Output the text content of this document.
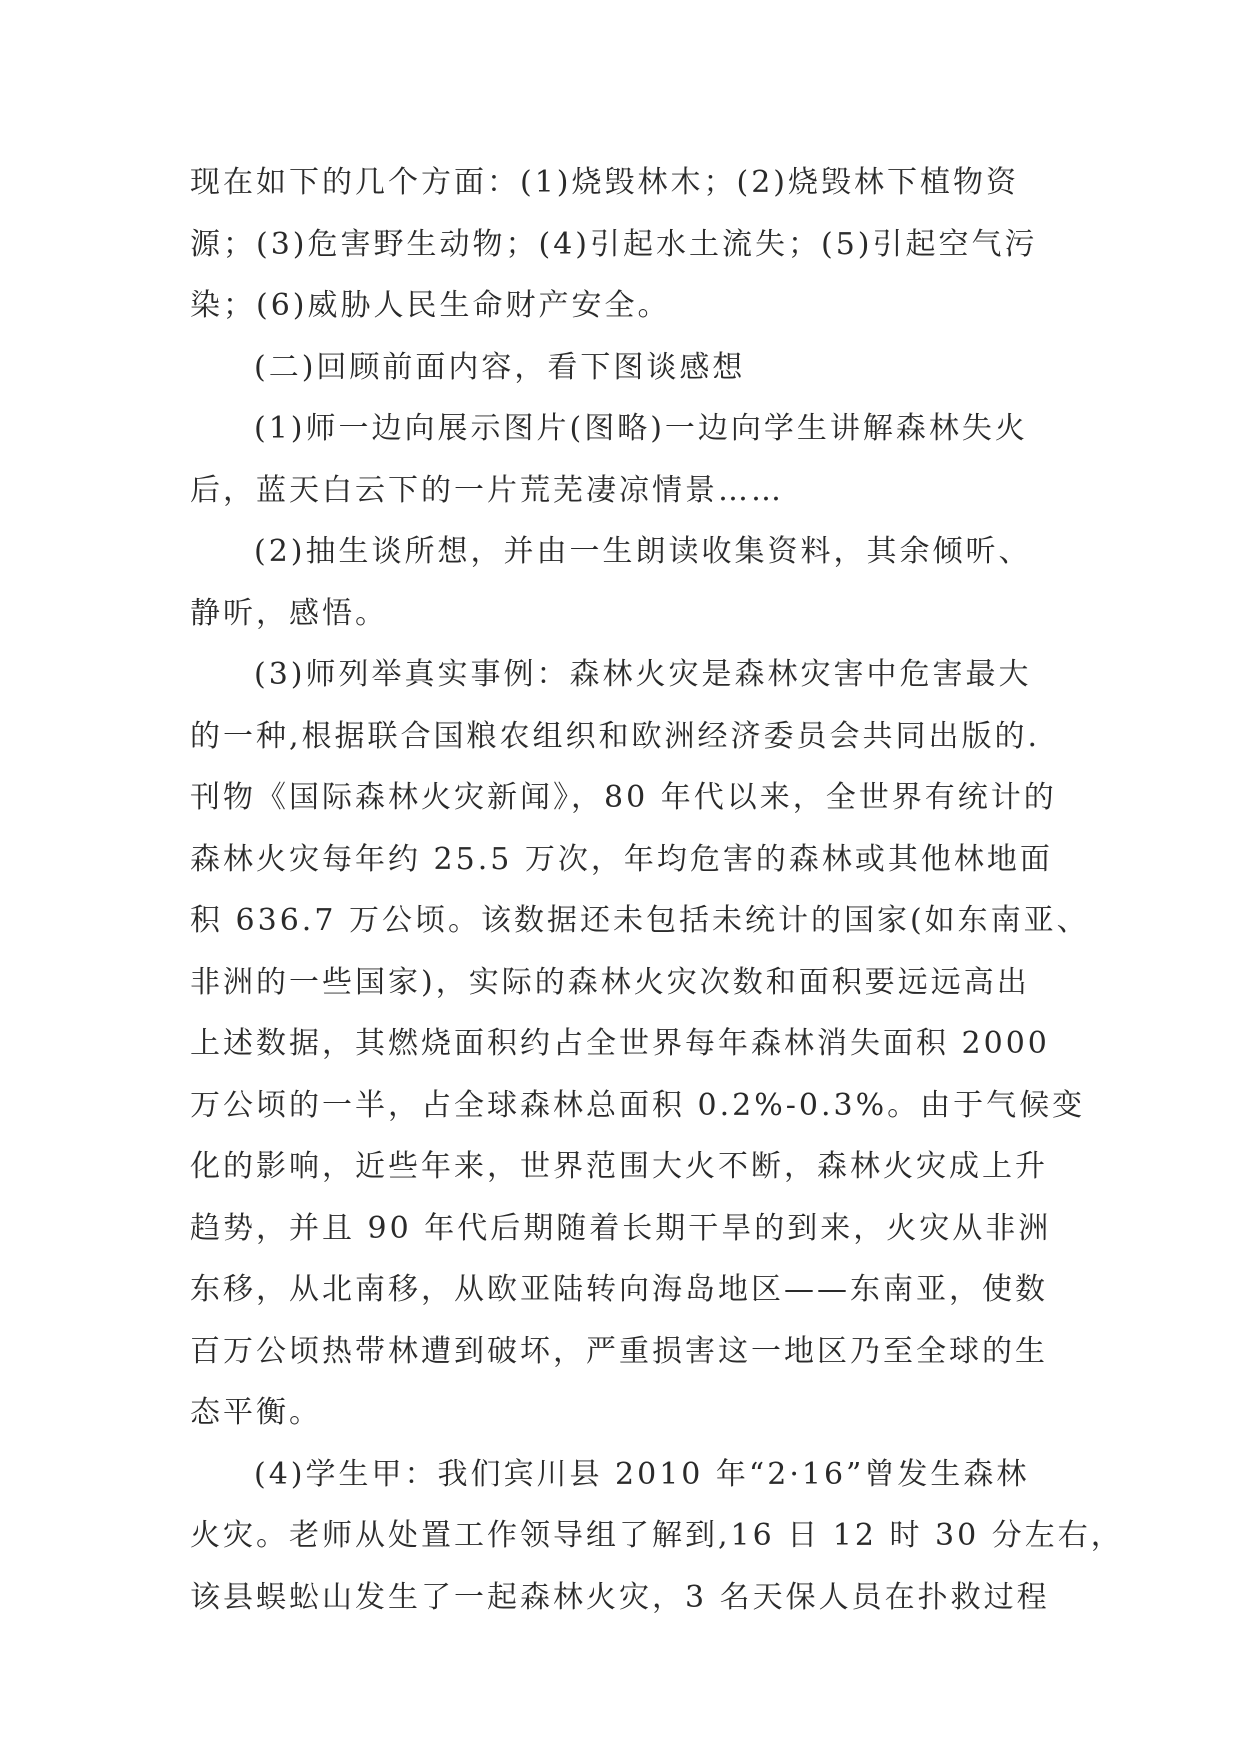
现在如下的几个方面：(1)烧毁林木；(2)烧毁林下植物资
源；(3)危害野生动物；(4)引起水土流失；(5)引起空气污
染；(6)威胁人民生命财产安全。
(二)回顾前面内容，看下图谈感想
(1)师一边向展示图片(图略)一边向学生讲解森林失火
后，蓝天白云下的一片荒芜凄凉情景……
(2)抽生谈所想，并由一生朗读收集资料，其余倾听、
静听，感悟。
(3)师列举真实事例：森林火灾是森林灾害中危害最大
的一种,根据联合国粮农组织和欧洲经济委员会共同出版的.
刊物《国际森林火灾新闻》，80 年代以来，全世界有统计的
森林火灾每年约 25.5 万次，年均危害的森林或其他林地面
积 636.7 万公顷。该数据还未包括未统计的国家(如东南亚、
非洲的一些国家)，实际的森林火灾次数和面积要远远高出
上述数据，其燃烧面积约占全世界每年森林消失面积 2000
万公顷的一半，占全球森林总面积 0.2%-0.3%。由于气候变
化的影响，近些年来，世界范围大火不断，森林火灾成上升
趋势，并且 90 年代后期随着长期干旱的到来，火灾从非洲
东移，从北南移，从欧亚陆转向海岛地区——东南亚，使数
百万公顷热带林遭到破坏，严重损害这一地区乃至全球的生
态平衡。
(4)学生甲：我们宾川县 2010 年“2·16”曾发生森林
火灾。老师从处置工作领导组了解到,16 日 12 时 30 分左右，
该县蜈蚣山发生了一起森林火灾，3 名天保人员在扑救过程
